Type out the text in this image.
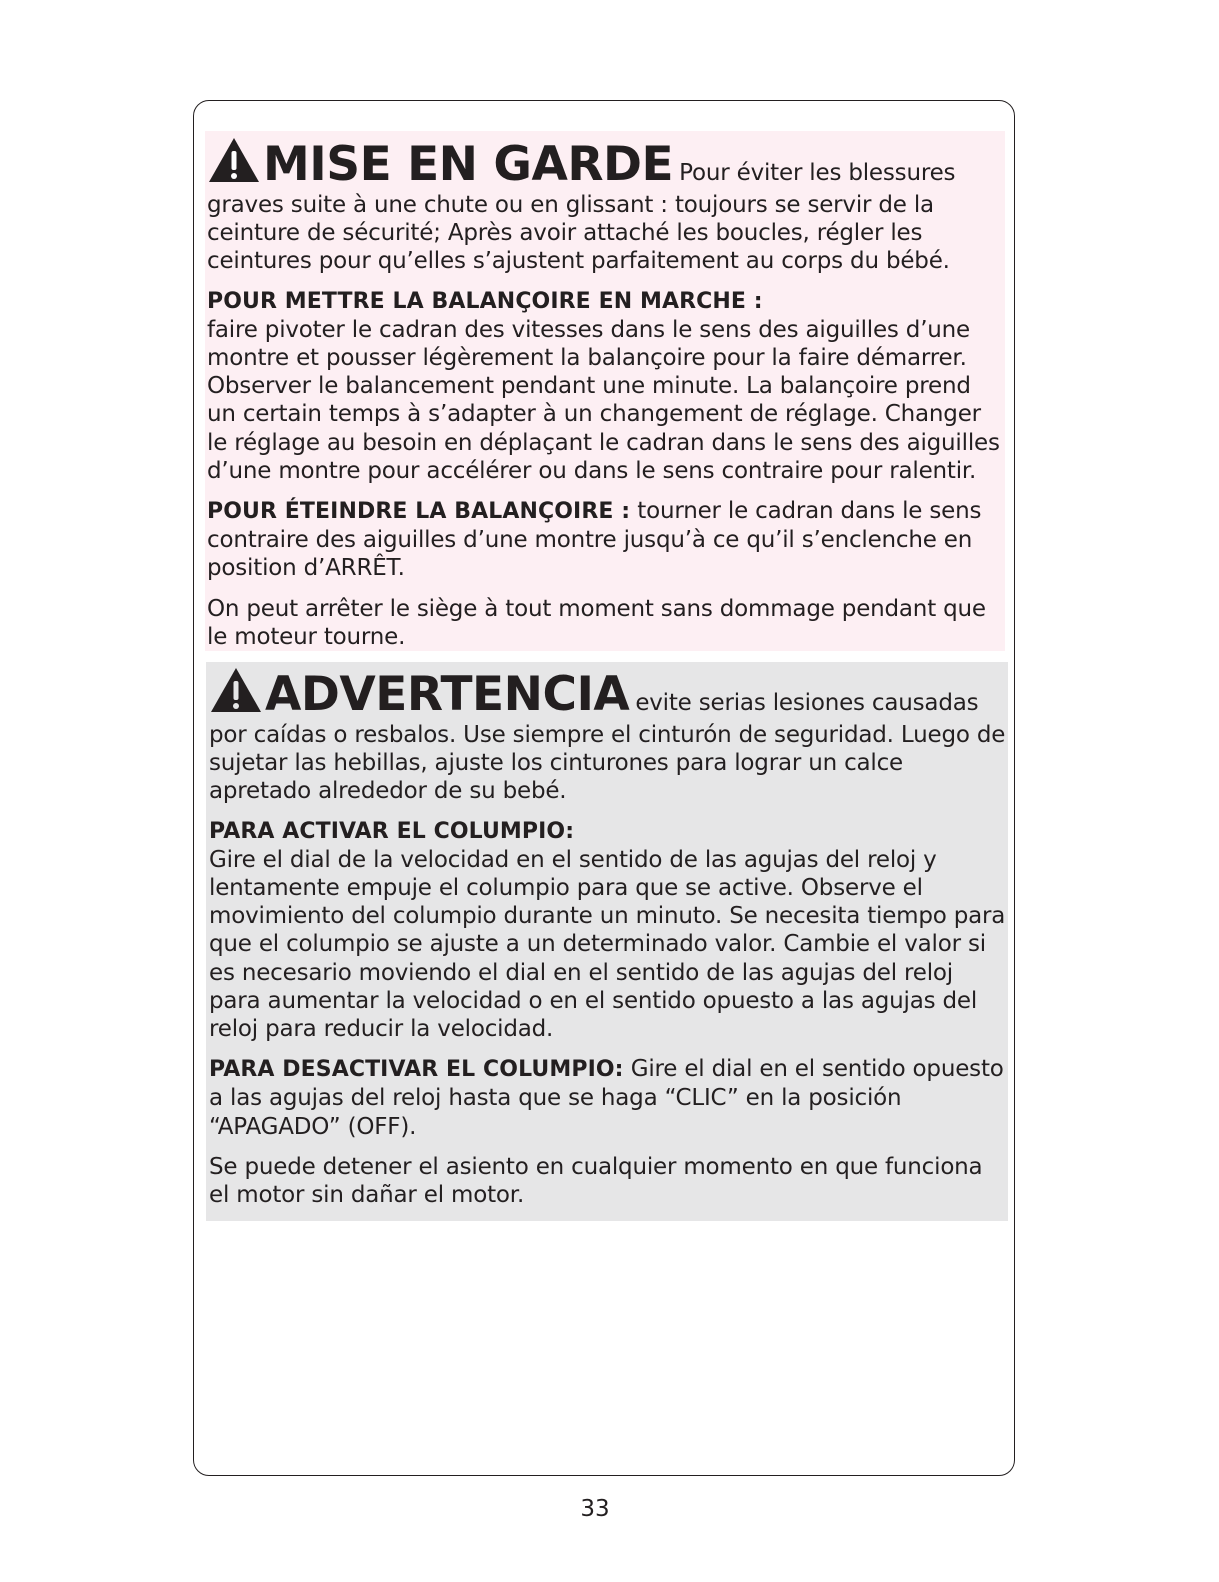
MISE EN GARDE Pour éviter les blessures graves suite à une chute ou en glissant : toujours se servir de la ceinture de sécurité; Après avoir attaché les boucles, régler les ceintures pour qu’elles s’ajustent parfaitement au corps du bébé.

POUR METTRE LA BALANÇOIRE EN MARCHE :
faire pivoter le cadran des vitesses dans le sens des aiguilles d’une montre et pousser légèrement la balançoire pour la faire démarrer. Observer le balancement pendant une minute. La balançoire prend un certain temps à s’adapter à un changement de réglage. Changer le réglage au besoin en déplaçant le cadran dans le sens des aiguilles d’une montre pour accélérer ou dans le sens contraire pour ralentir.

POUR ÉTEINDRE LA BALANÇOIRE : tourner le cadran dans le sens contraire des aiguilles d’une montre jusqu’à ce qu’il s’enclenche en position d’ARRÊT.

On peut arrêter le siège à tout moment sans dommage pendant que le moteur tourne.

ADVERTENCIA evite serias lesiones causadas por caídas o resbalos. Use siempre el cinturón de seguridad. Luego de sujetar las hebillas, ajuste los cinturones para lograr un calce apretado alrededor de su bebé.

PARA ACTIVAR EL COLUMPIO:
Gire el dial de la velocidad en el sentido de las agujas del reloj y lentamente empuje el columpio para que se active. Observe el movimiento del columpio durante un minuto. Se necesita tiempo para que el columpio se ajuste a un determinado valor. Cambie el valor si es necesario moviendo el dial en el sentido de las agujas del reloj para aumentar la velocidad o en el sentido opuesto a las agujas del reloj para reducir la velocidad.

PARA DESACTIVAR EL COLUMPIO: Gire el dial en el sentido opuesto a las agujas del reloj hasta que se haga “CLIC” en la posición “APAGADO” (OFF).

Se puede detener el asiento en cualquier momento en que funciona el motor sin dañar el motor.

33
